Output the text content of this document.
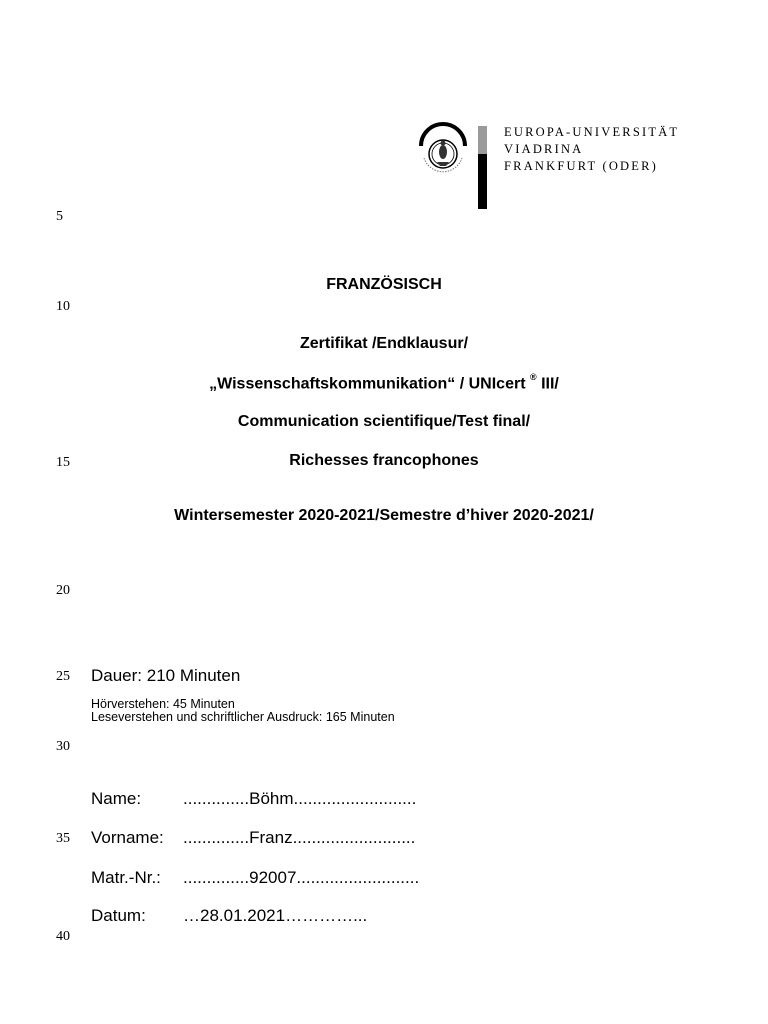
5
10
15
20
25
30
35
40
EUROPA-UNIVERSITÄT
VIADRINA
FRANKFURT (ODER)
FRANZÖSISCH
Zertifikat /Endklausur/
„Wissenschaftskommunikation“ / UNIcert ® III/
Communication scientifique/Test final/
Richesses francophones
Wintersemester 2020-2021/Semestre d’hiver 2020-2021/
Dauer: 210 Minuten
Hörverstehen: 45 Minuten
Leseverstehen und schriftlicher Ausdruck: 165 Minuten
Name: ..............Böhm..........................
Vorname: ..............Franz..........................
Matr.-Nr.: ..............92007..........................
Datum: …28.01.2021…………...
